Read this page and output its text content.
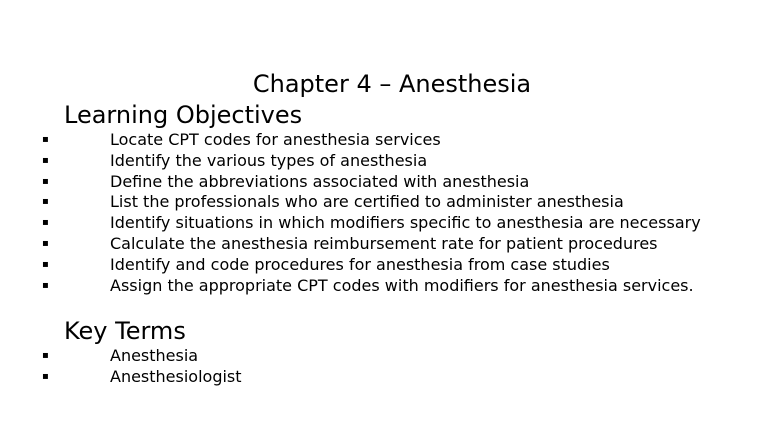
Chapter 4 – Anesthesia
Learning Objectives
▪ Locate CPT codes for anesthesia services
▪ Identify the various types of anesthesia
▪ Define the abbreviations associated with anesthesia
▪ List the professionals who are certified to administer anesthesia
▪ Identify situations in which modifiers specific to anesthesia are necessary
▪ Calculate the anesthesia reimbursement rate for patient procedures
▪ Identify and code procedures for anesthesia from case studies
▪ Assign the appropriate CPT codes with modifiers for anesthesia services.
Key Terms
▪ Anesthesia
▪ Anesthesiologist
